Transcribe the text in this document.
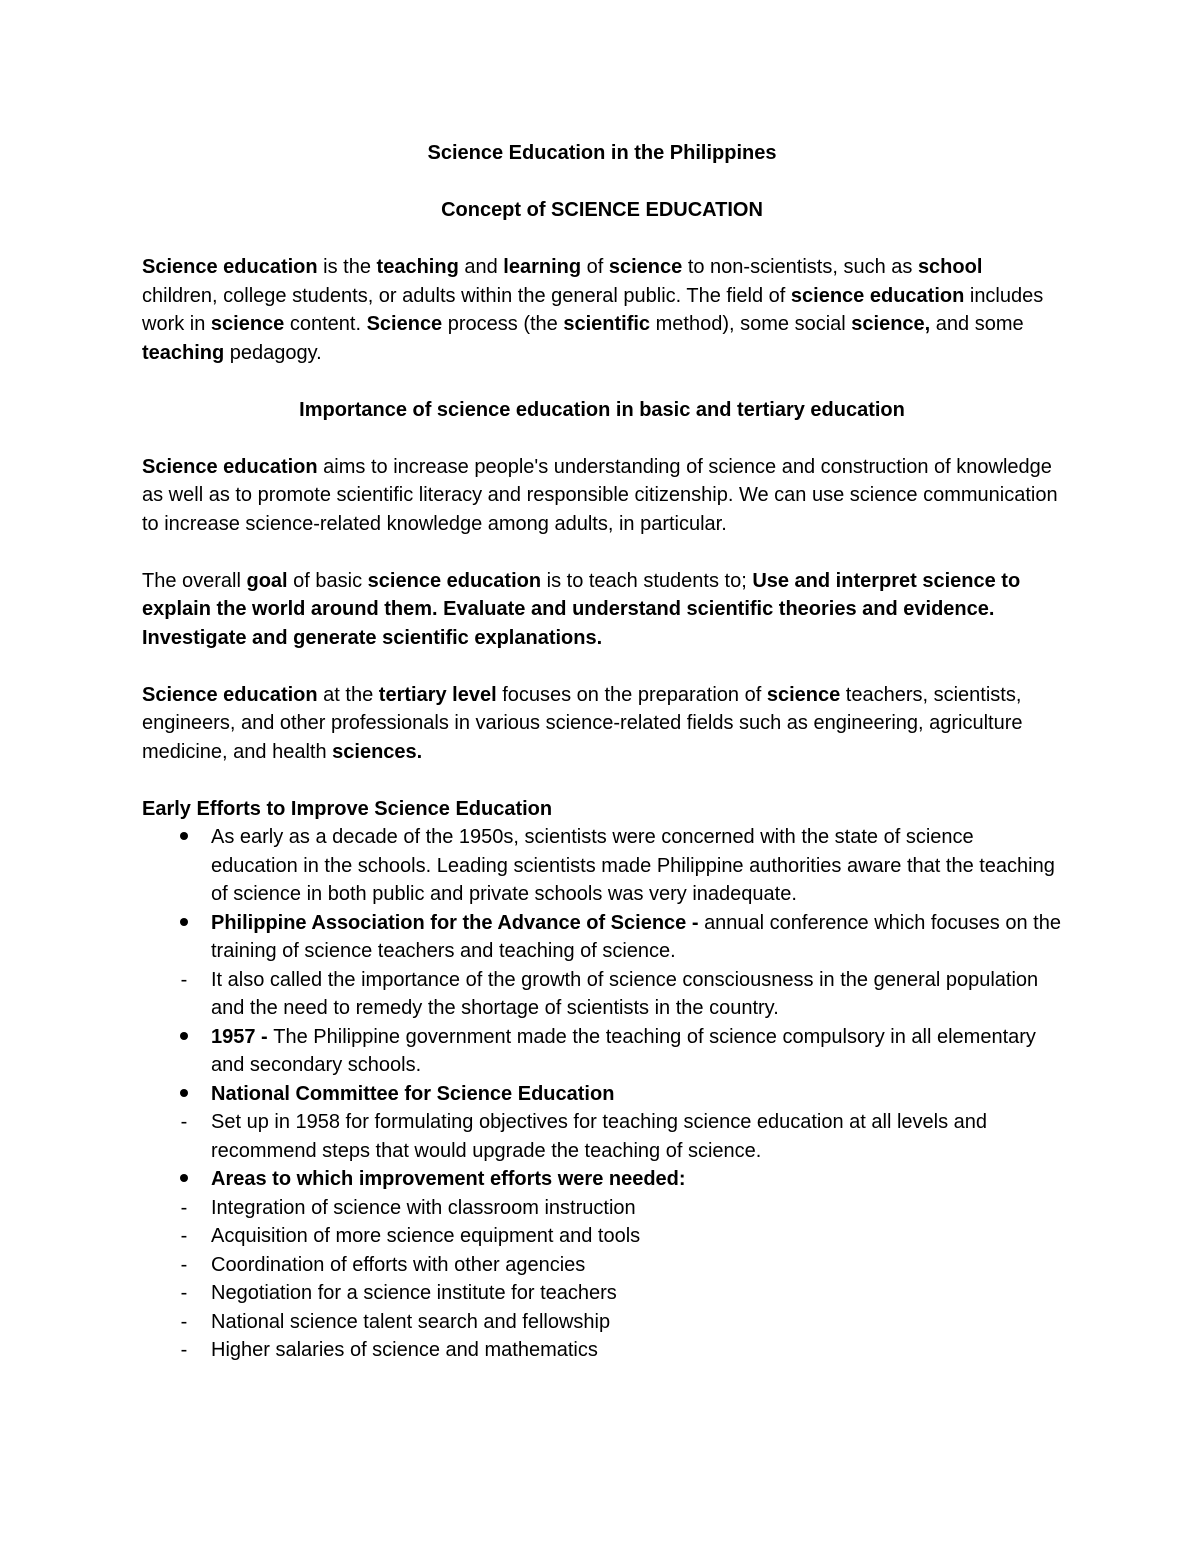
Science Education in the Philippines

Concept of SCIENCE EDUCATION

Science education is the teaching and learning of science to non-scientists, such as school children, college students, or adults within the general public. The field of science education includes work in science content. Science process (the scientific method), some social science, and some teaching pedagogy.

Importance of science education in basic and tertiary education

Science education aims to increase people's understanding of science and construction of knowledge as well as to promote scientific literacy and responsible citizenship. We can use science communication to increase science-related knowledge among adults, in particular.

The overall goal of basic science education is to teach students to; Use and interpret science to explain the world around them. Evaluate and understand scientific theories and evidence. Investigate and generate scientific explanations.

Science education at the tertiary level focuses on the preparation of science teachers, scientists, engineers, and other professionals in various science-related fields such as engineering, agriculture medicine, and health sciences.

Early Efforts to Improve Science Education

As early as a decade of the 1950s, scientists were concerned with the state of science education in the schools. Leading scientists made Philippine authorities aware that the teaching of science in both public and private schools was very inadequate.
Philippine Association for the Advance of Science - annual conference which focuses on the training of science teachers and teaching of science.
-
It also called the importance of the growth of science consciousness in the general population and the need to remedy the shortage of scientists in the country.
1957 - The Philippine government made the teaching of science compulsory in all elementary and secondary schools.
National Committee for Science Education
-
Set up in 1958 for formulating objectives for teaching science education at all levels and recommend steps that would upgrade the teaching of science.
Areas to which improvement efforts were needed:
-
Integration of science with classroom instruction
-
Acquisition of more science equipment and tools
-
Coordination of efforts with other agencies
-
Negotiation for a science institute for teachers
-
National science talent search and fellowship
-
Higher salaries of science and mathematics
